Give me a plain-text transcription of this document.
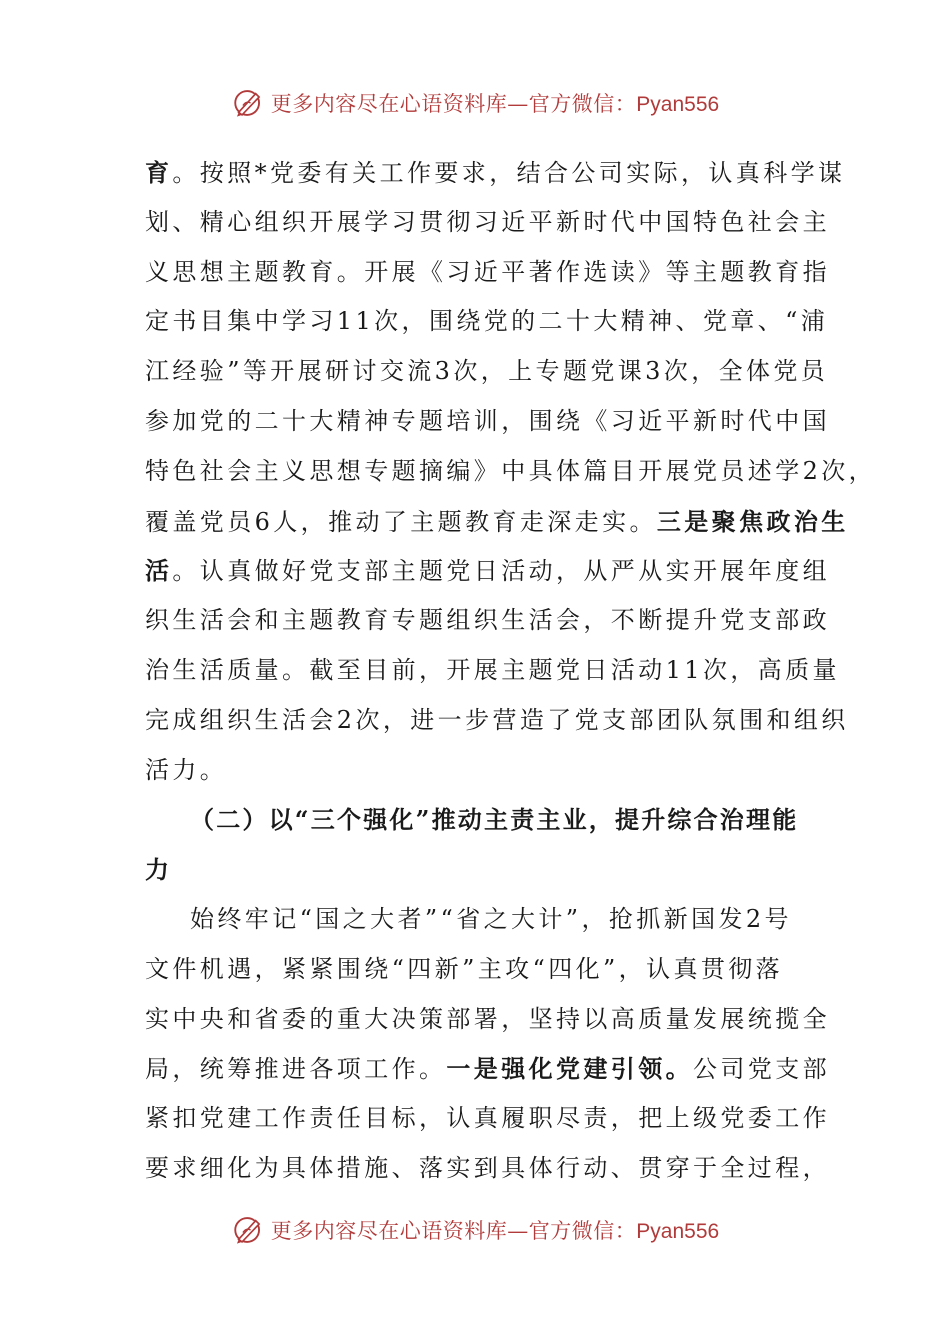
更多内容尽在心语资料库—官方微信：Pyan556
育。按照*党委有关工作要求，结合公司实际，认真科学谋
划、精心组织开展学习贯彻习近平新时代中国特色社会主
义思想主题教育。开展《习近平著作选读》等主题教育指
定书目集中学习11次，围绕党的二十大精神、党章、“浦
江经验”等开展研讨交流3次，上专题党课3次，全体党员
参加党的二十大精神专题培训，围绕《习近平新时代中国
特色社会主义思想专题摘编》中具体篇目开展党员述学2次，
覆盖党员6人，推动了主题教育走深走实。三是聚焦政治生
活。认真做好党支部主题党日活动，从严从实开展年度组
织生活会和主题教育专题组织生活会，不断提升党支部政
治生活质量。截至目前，开展主题党日活动11次，高质量
完成组织生活会2次，进一步营造了党支部团队氛围和组织
活力。
（二）以“三个强化”推动主责主业，提升综合治理能
力
始终牢记“国之大者”“省之大计”，抢抓新国发2号
文件机遇，紧紧围绕“四新”主攻“四化”，认真贯彻落
实中央和省委的重大决策部署，坚持以高质量发展统揽全
局，统筹推进各项工作。一是强化党建引领。公司党支部
紧扣党建工作责任目标，认真履职尽责，把上级党委工作
要求细化为具体措施、落实到具体行动、贯穿于全过程，
更多内容尽在心语资料库—官方微信：Pyan556
